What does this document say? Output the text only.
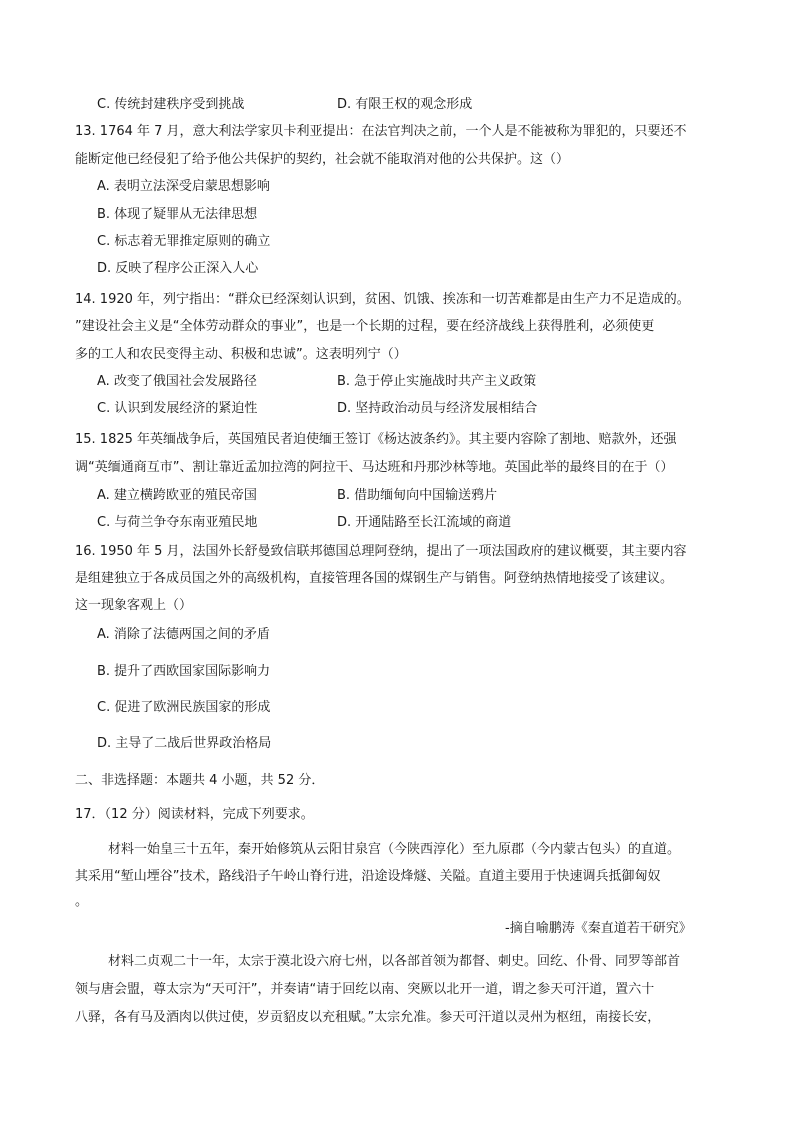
C. 传统封建秩序受到挑战	D. 有限王权的观念形成
13. 1764 年 7 月，意大利法学家贝卡利亚提出：在法官判决之前，一个人是不能被称为罪犯的，只要还不
能断定他已经侵犯了给予他公共保护的契约，社会就不能取消对他的公共保护。这（）
A. 表明立法深受启蒙思想影响
B. 体现了疑罪从无法律思想
C. 标志着无罪推定原则的确立
D. 反映了程序公正深入人心
14. 1920 年，列宁指出：“群众已经深刻认识到，贫困、饥饿、挨冻和一切苦难都是由生产力不足造成的。
”建设社会主义是“全体劳动群众的事业”，也是一个长期的过程，要在经济战线上获得胜利，必须使更
多的工人和农民变得主动、积极和忠诚”。这表明列宁（）
A. 改变了俄国社会发展路径	B. 急于停止实施战时共产主义政策
C. 认识到发展经济的紧迫性	D. 坚持政治动员与经济发展相结合
15. 1825 年英缅战争后，英国殖民者迫使缅王签订《杨达波条约》。其主要内容除了割地、赔款外，还强
调“英缅通商互市”、割让靠近孟加拉湾的阿拉干、马达班和丹那沙林等地。英国此举的最终目的在于（）
A. 建立横跨欧亚的殖民帝国	B. 借助缅甸向中国输送鸦片
C. 与荷兰争夺东南亚殖民地	D. 开通陆路至长江流域的商道
16. 1950 年 5 月，法国外长舒曼致信联邦德国总理阿登纳，提出了一项法国政府的建议概要，其主要内容
是组建独立于各成员国之外的高级机构，直接管理各国的煤钢生产与销售。阿登纳热情地接受了该建议。
这一现象客观上（）
A. 消除了法德两国之间的矛盾
B. 提升了西欧国家国际影响力
C. 促进了欧洲民族国家的形成
D. 主导了二战后世界政治格局
二、非选择题：本题共 4 小题，共 52 分．
17．（12 分）阅读材料，完成下列要求。
材料一始皇三十五年，秦开始修筑从云阳甘泉宫（今陕西淳化）至九原郡（今内蒙古包头）的直道。
其采用“堑山堙谷”技术，路线沿子午岭山脊行进，沿途设烽燧、关隘。直道主要用于快速调兵抵御匈奴
。
-摘自喻鹏涛《秦直道若干研究》
材料二贞观二十一年，太宗于漠北设六府七州，以各部首领为都督、刺史。回纥、仆骨、同罗等部首
领与唐会盟，尊太宗为“天可汗”，并奏请“请于回纥以南、突厥以北开一道，谓之参天可汗道，置六十
八驿，各有马及酒肉以供过使，岁贡貂皮以充租赋。”太宗允准。参天可汗道以灵州为枢纽，南接长安，
